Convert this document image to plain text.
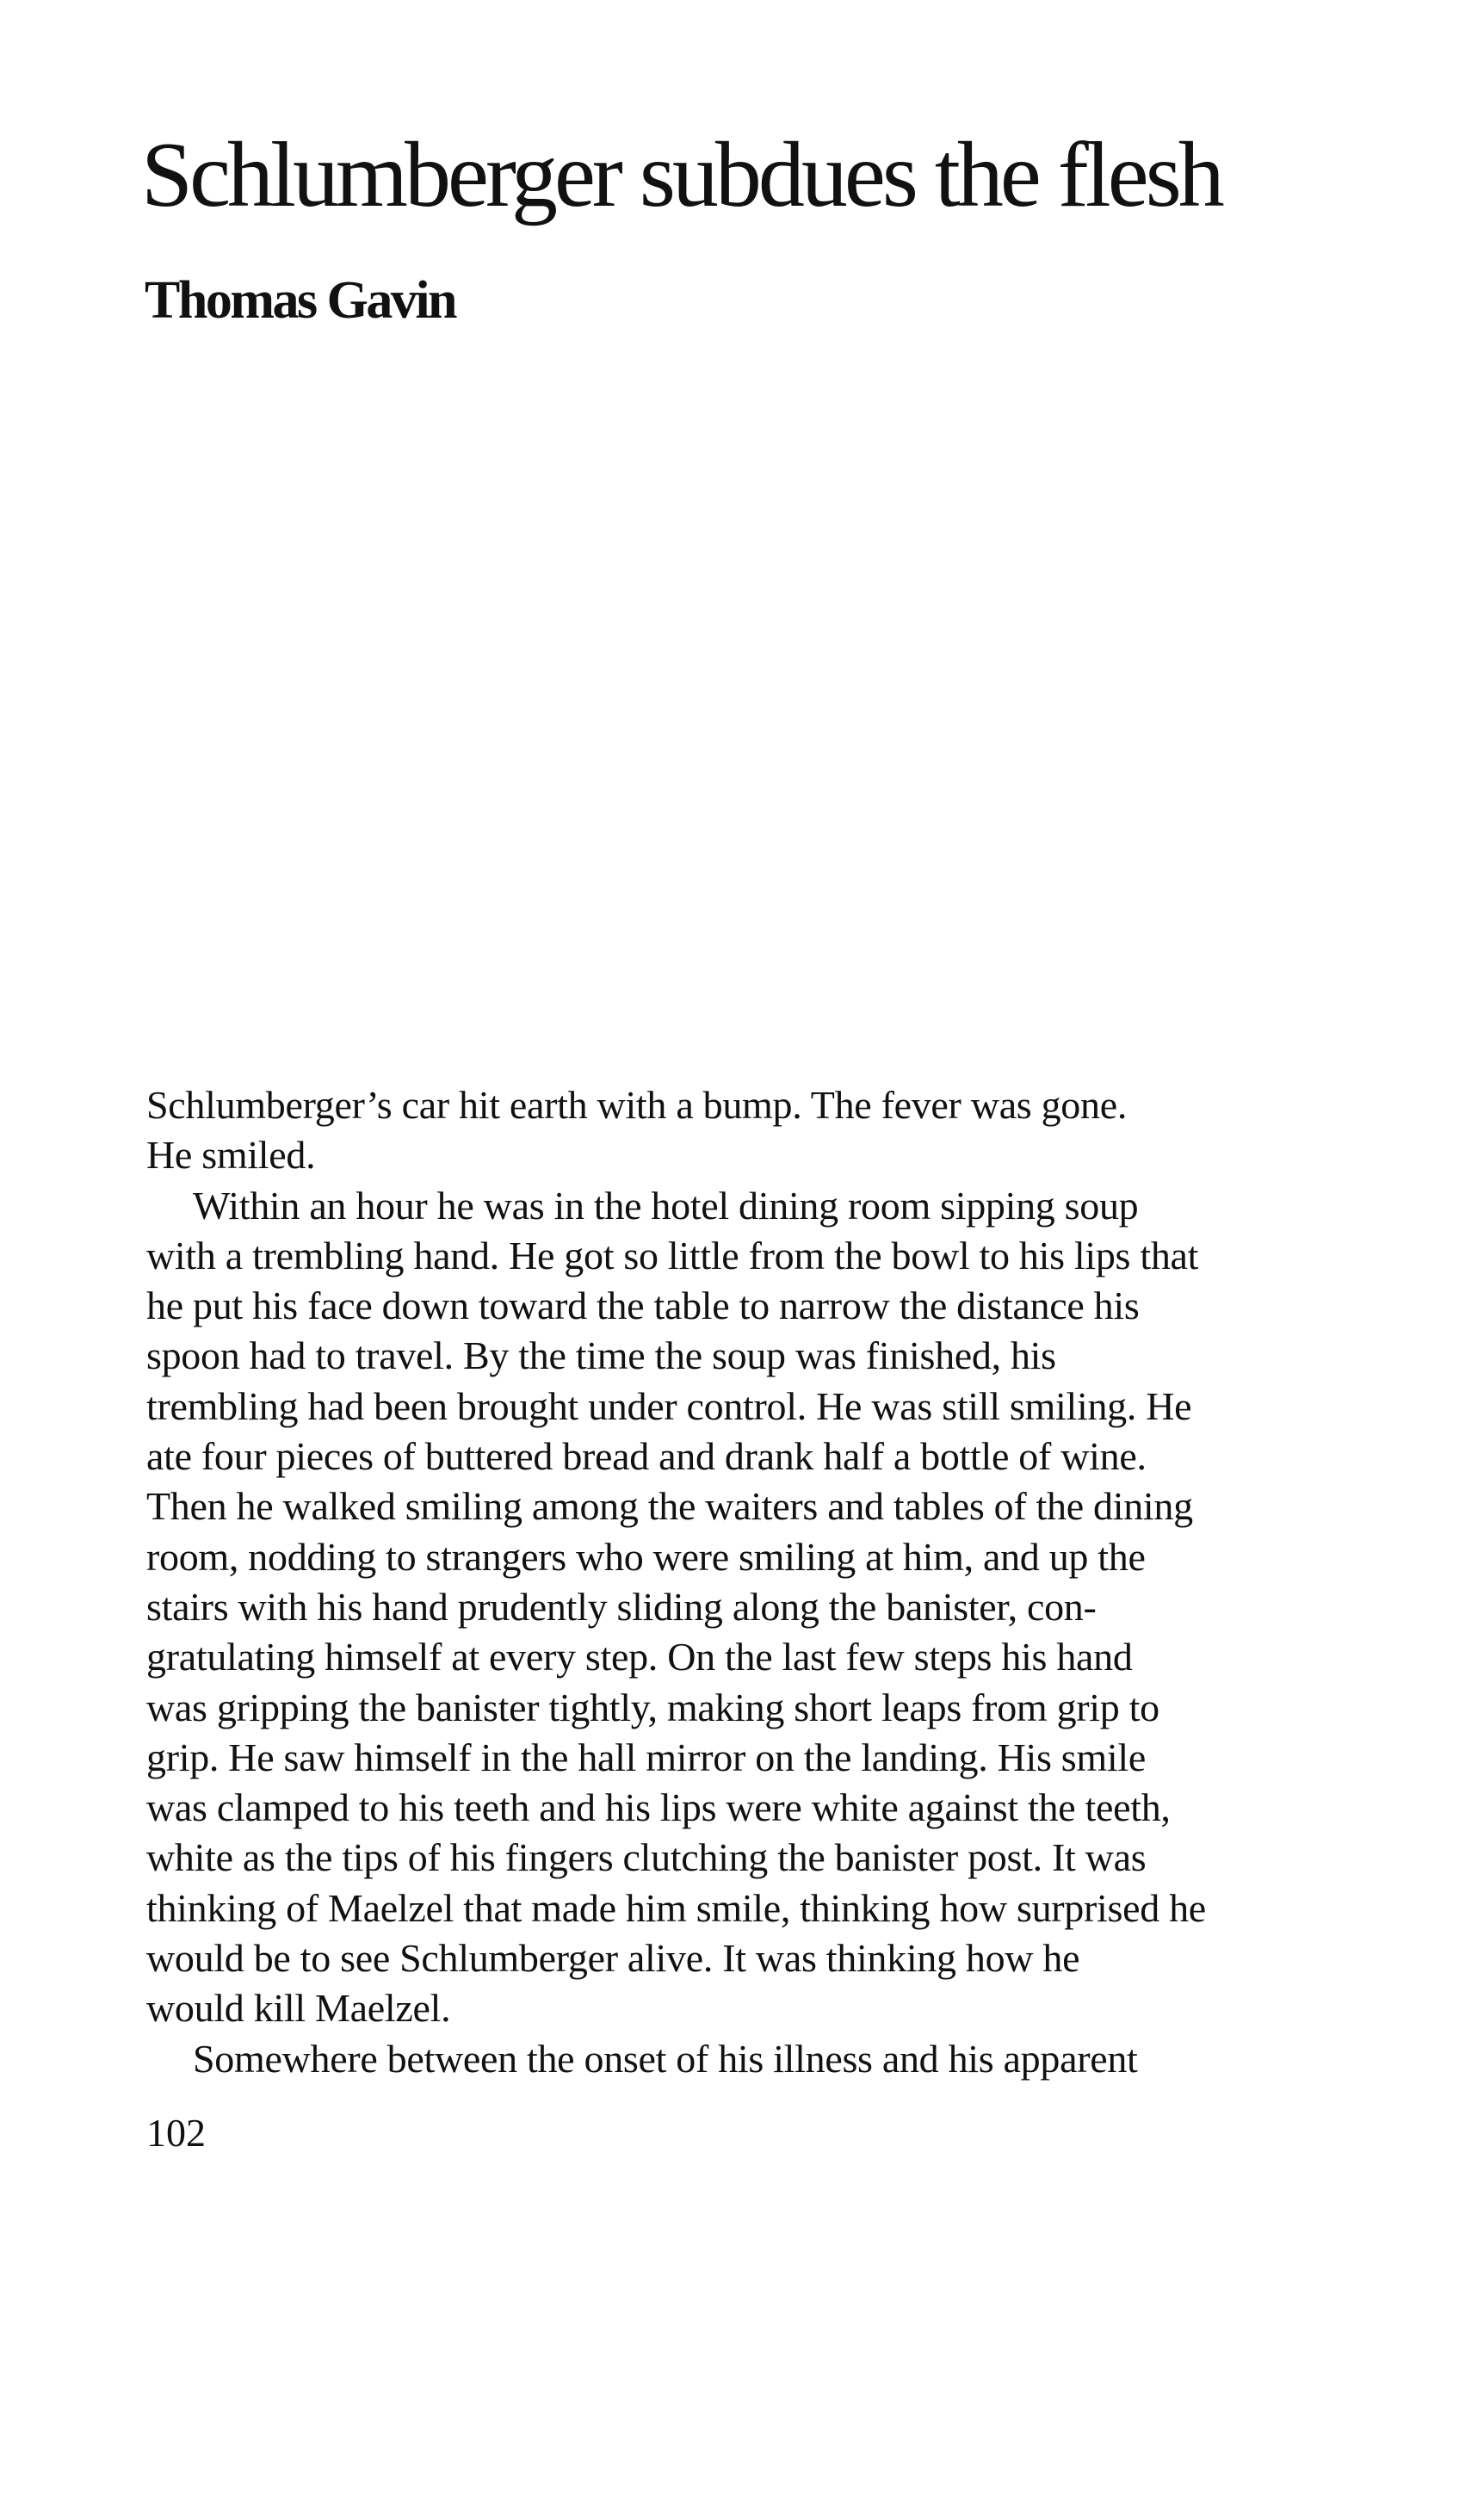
Schlumberger subdues the flesh
Thomas Gavin
Schlumberger’s car hit earth with a bump. The fever was gone.
He smiled.
Within an hour he was in the hotel dining room sipping soup
with a trembling hand. He got so little from the bowl to his lips that
he put his face down toward the table to narrow the distance his
spoon had to travel. By the time the soup was finished, his
trembling had been brought under control. He was still smiling. He
ate four pieces of buttered bread and drank half a bottle of wine.
Then he walked smiling among the waiters and tables of the dining
room, nodding to strangers who were smiling at him, and up the
stairs with his hand prudently sliding along the banister, con-
gratulating himself at every step. On the last few steps his hand
was gripping the banister tightly, making short leaps from grip to
grip. He saw himself in the hall mirror on the landing. His smile
was clamped to his teeth and his lips were white against the teeth,
white as the tips of his fingers clutching the banister post. It was
thinking of Maelzel that made him smile, thinking how surprised he
would be to see Schlumberger alive. It was thinking how he
would kill Maelzel.
Somewhere between the onset of his illness and his apparent
102
